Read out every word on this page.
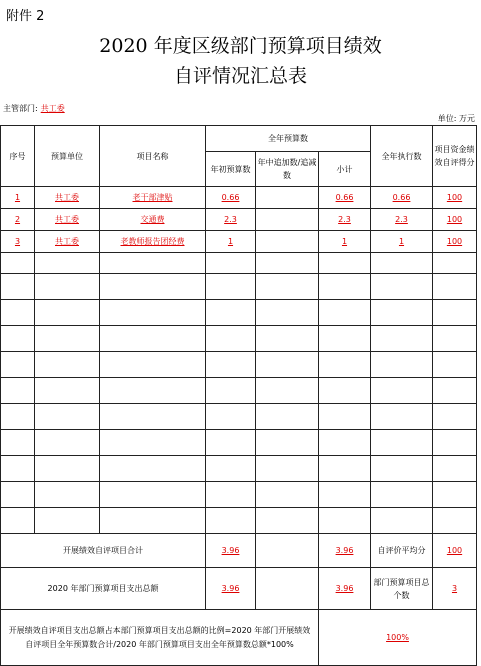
附件 2
2020 年度区级部门预算项目绩效
自评情况汇总表
主管部门: 共工委
单位: 万元
序号	预算单位	项目名称	全年预算数			全年执行数	项目资金绩效自评得分
			年初预算数	年中追加数/追减数	小计		
1	共工委	老干部津贴	0.66		0.66	0.66	100
2	共工委	交通费	2.3		2.3	2.3	100
3	共工委	老教师报告团经费	1		1	1	100

开展绩效自评项目合计			3.96		3.96	自评价平均分	100
2020 年部门预算项目支出总额			3.96		3.96	部门预算项目总个数	3
开展绩效自评项目支出总额占本部门预算项目支出总额的比例=2020 年部门开展绩效自评项目全年预算数合计/2020 年部门预算项目支出全年预算数总额*100%					100%		
